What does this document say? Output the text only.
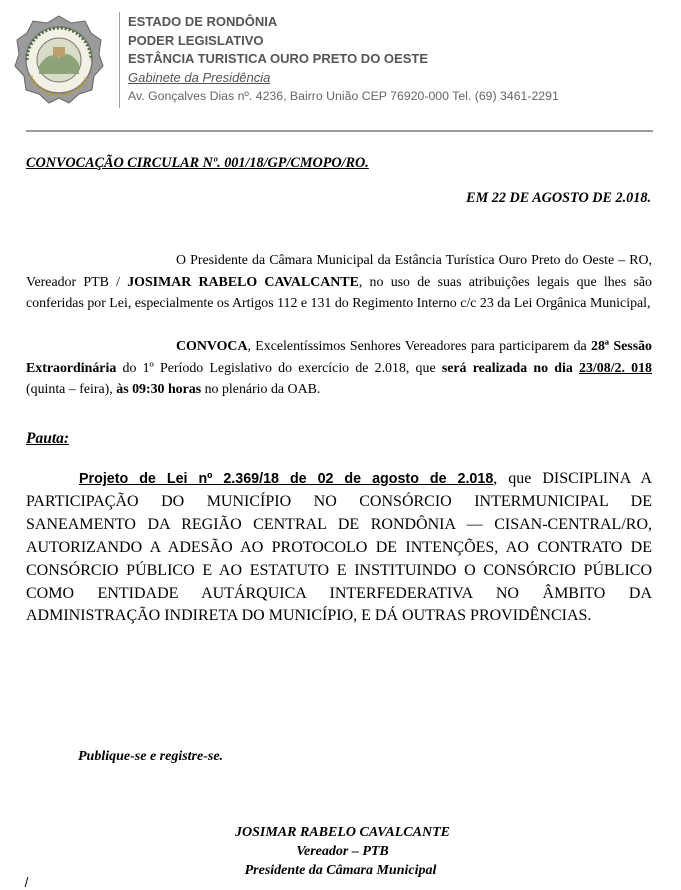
ESTADO DE RONDÔNIA
PODER LEGISLATIVO
ESTÂNCIA TURISTICA OURO PRETO DO OESTE
Gabinete da Presidência
Av. Gonçalves Dias nº. 4236, Bairro União CEP 76920-000 Tel. (69) 3461-2291
CONVOCAÇÃO CIRCULAR Nº. 001/18/GP/CMOPO/RO.
EM 22 DE AGOSTO DE 2.018.
O Presidente da Câmara Municipal da Estância Turística Ouro Preto do Oeste – RO, Vereador PTB / JOSIMAR RABELO CAVALCANTE, no uso de suas atribuições legais que lhes são conferidas por Lei, especialmente os Artigos 112 e 131 do Regimento Interno c/c 23 da Lei Orgânica Municipal,
CONVOCA, Excelentíssimos Senhores Vereadores para participarem da 28ª Sessão Extraordinária do 1º Período Legislativo do exercício de 2.018, que será realizada no dia 23/08/2. 018 (quinta – feira), às 09:30 horas no plenário da OAB.
Pauta:
Projeto de Lei nº 2.369/18 de 02 de agosto de 2.018, que DISCIPLINA A PARTICIPAÇÃO DO MUNICÍPIO NO CONSÓRCIO INTERMUNICIPAL DE SANEAMENTO DA REGIÃO CENTRAL DE RONDÔNIA — CISAN-CENTRAL/RO, AUTORIZANDO A ADESÃO AO PROTOCOLO DE INTENÇÕES, AO CONTRATO DE CONSÓRCIO PÚBLICO E AO ESTATUTO E INSTITUINDO O CONSÓRCIO PÚBLICO COMO ENTIDADE AUTÁRQUICA INTERFEDERATIVA NO ÂMBITO DA ADMINISTRAÇÃO INDIRETA DO MUNICÍPIO, E DÁ OUTRAS PROVIDÊNCIAS.
Publique-se e registre-se.
JOSIMAR RABELO CAVALCANTE
Vereador – PTB
Presidente da Câmara Municipal
